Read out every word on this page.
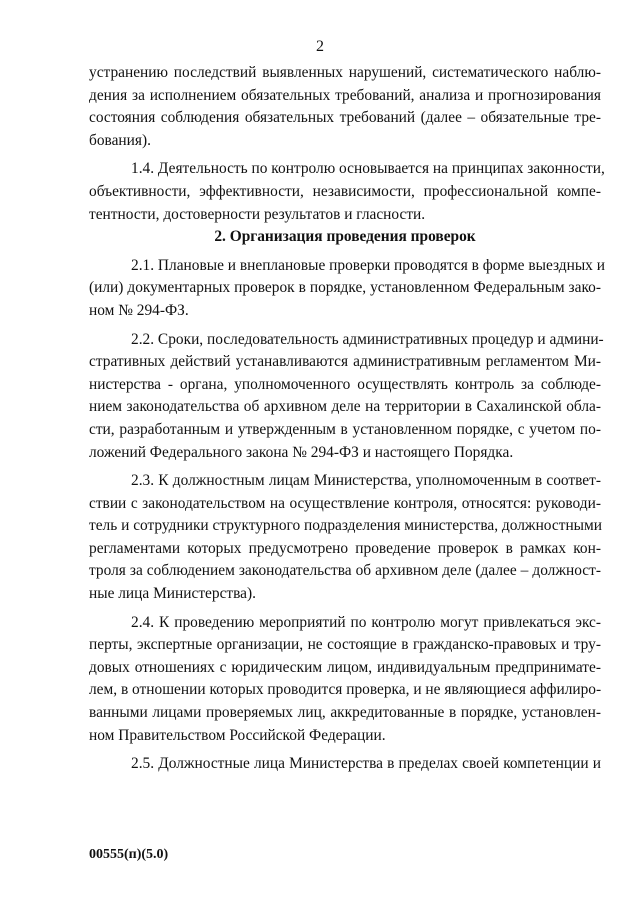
2
устранению последствий выявленных нарушений, систематического наблю-
дения за исполнением обязательных требований, анализа и прогнозирования
состояния соблюдения обязательных требований (далее – обязательные тре-
бования).
1.4. Деятельность по контролю основывается на принципах законности,
объективности, эффективности, независимости, профессиональной компе-
тентности, достоверности результатов и гласности.
2. Организация проведения проверок
2.1. Плановые и внеплановые проверки проводятся в форме выездных и
(или) документарных проверок в порядке, установленном Федеральным зако-
ном № 294-ФЗ.
2.2. Сроки, последовательность административных процедур и админи-
стративных действий устанавливаются административным регламентом Ми-
нистерства - органа, уполномоченного осуществлять контроль за соблюде-
нием законодательства об архивном деле на территории в Сахалинской обла-
сти, разработанным и утвержденным в установленном порядке, с учетом по-
ложений Федерального закона № 294-ФЗ и настоящего Порядка.
2.3. К должностным лицам Министерства, уполномоченным в соответ-
ствии с законодательством на осуществление контроля, относятся: руководи-
тель и сотрудники структурного подразделения министерства, должностными
регламентами которых предусмотрено проведение проверок в рамках кон-
троля за соблюдением законодательства об архивном деле (далее – должност-
ные лица Министерства).
2.4. К проведению мероприятий по контролю могут привлекаться экс-
перты, экспертные организации, не состоящие в гражданско-правовых и тру-
довых отношениях с юридическим лицом, индивидуальным предпринимате-
лем, в отношении которых проводится проверка, и не являющиеся аффилиро-
ванными лицами проверяемых лиц, аккредитованные в порядке, установлен-
ном Правительством Российской Федерации.
2.5. Должностные лица Министерства в пределах своей компетенции и
00555(п)(5.0)
